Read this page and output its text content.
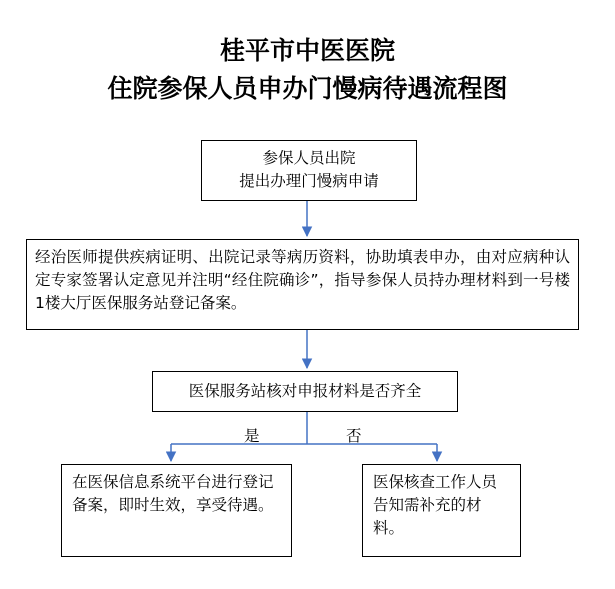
桂平市中医医院
住院参保人员申办门慢病待遇流程图
参保人员出院
提出办理门慢病申请
经治医师提供疾病证明、出院记录等病历资料，协助填表申办，由对应病种认定专家签署认定意见并注明“经住院确诊”，指导参保人员持办理材料到一号楼1楼大厅医保服务站登记备案。
医保服务站核对申报材料是否齐全
是	否
在医保信息系统平台进行登记备案，即时生效，享受待遇。
医保核查工作人员告知需补充的材料。
